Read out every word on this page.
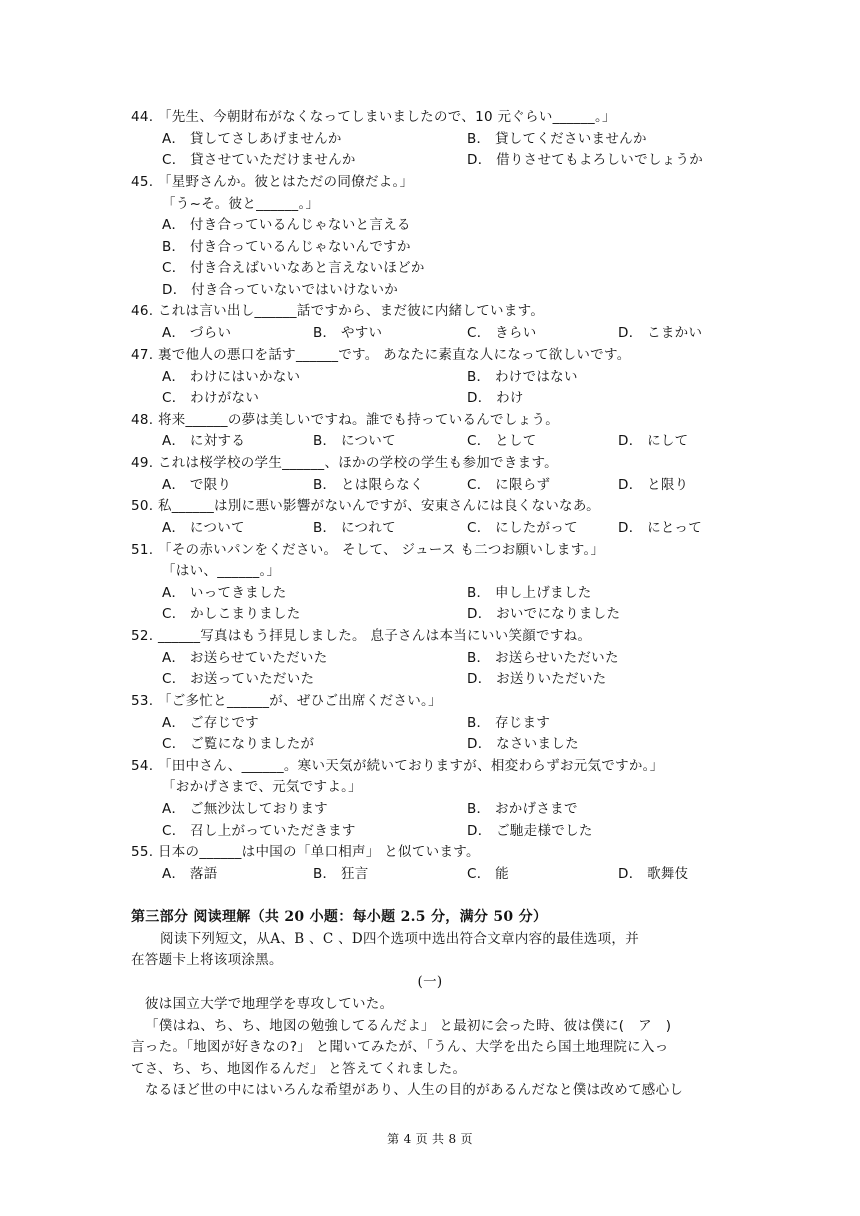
44. 「先生、今朝財布がなくなってしまいましたので、10 元ぐらい______。」
A． 貸してさしあげませんか	B． 貸してくださいませんか
C． 貸させていただけませんか	D． 借りさせてもよろしいでしょうか
45. 「星野さんか。彼とはただの同僚だよ。」
「う~そ。彼と______。」
A． 付き合っているんじゃないと言える
B． 付き合っているんじゃないんですか
C． 付き合えばいいなあと言えないほどか
D． 付き合っていないではいけないか
46. これは言い出し______話ですから、まだ彼に内緒しています。
A． づらい	B． やすい	C． きらい	D． こまかい
47. 裏で他人の悪口を話す______です。 あなたに素直な人になって欲しいです。
A． わけにはいかない	B． わけではない
C． わけがない	D． わけ
48. 将来______の夢は美しいですね。誰でも持っているんでしょう。
A． に対する	B． について	C． として	D． にして
49. これは桜学校の学生______、ほかの学校の学生も参加できます。
A． で限り	B． とは限らなく	C． に限らず	D． と限り
50. 私______は別に悪い影響がないんですが、安東さんには良くないなあ。
A． について	B． につれて	C． にしたがって	D． にとって
51. 「その赤いパンをください。 そして、 ジュース も二つお願いします。」
「はい、______。」
A． いってきました	B． 申し上げました
C． かしこまりました	D． おいでになりました
52. ______写真はもう拝見しました。 息子さんは本当にいい笑顔ですね。
A． お送らせていただいた	B． お送らせいただいた
C． お送っていただいた	D． お送りいただいた
53. 「ご多忙と______が、ぜひご出席ください。」
A． ご存じです	B． 存じます
C． ご覧になりましたが	D． なさいました
54. 「田中さん、______。寒い天気が続いておりますが、相変わらずお元気ですか。」
「おかげさまで、元気ですよ。」
A． ご無沙汰しております	B． おかげさまで
C． 召し上がっていただきます	D． ご馳走様でした
55. 日本の______は中国の「单口相声」 と似ています。
A． 落語	B． 狂言	C． 能	D． 歌舞伎
第三部分 阅读理解（共 20 小题：每小题 2.5 分，满分 50 分）
阅读下列短文，从A、B 、C 、D四个选项中选出符合文章内容的最佳选项，并
在答题卡上将该项涂黑。
(一)
彼は国立大学で地理学を専攻していた。
「僕はね、ち、ち、地図の勉強してるんだよ」 と最初に会った時、彼は僕に(　ア　)
言った。「地図が好きなの?」 と聞いてみたが、「うん、大学を出たら国土地理院に入っ
てさ、ち、ち、地図作るんだ」 と答えてくれました。
なるほど世の中にはいろんな希望があり、人生の目的があるんだなと僕は改めて感心し
第 4 页 共 8 页
